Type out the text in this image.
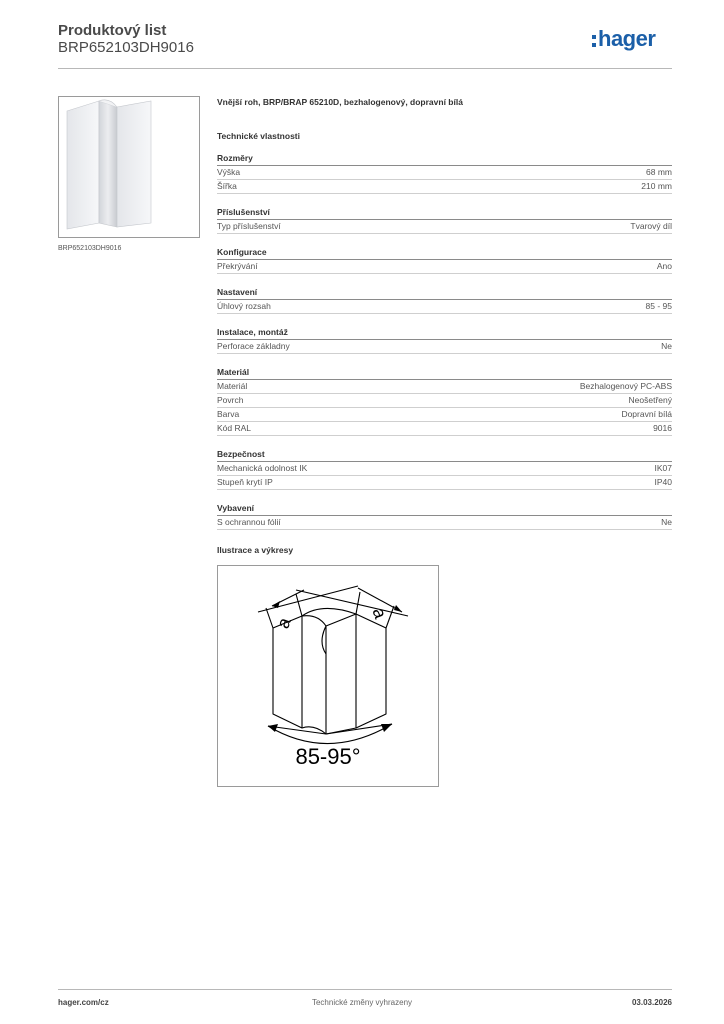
Produktový list
BRP652103DH9016	hager
BRP652103DH9016
Vnější roh, BRP/BRAP 65210D, bezhalogenový, dopravní bílá
Technické vlastnosti
Rozměry
Výška	68 mm
Šířka	210 mm
Příslušenství
Typ příslušenství	Tvarový díl
Konfigurace
Překrývání	Ano
Nastavení
Úhlový rozsah	85 - 95
Instalace, montáž
Perforace základny	Ne
Materiál
Materiál	Bezhalogenový PC-ABS
Povrch	Neošetřený
Barva	Dopravní bílá
Kód RAL	9016
Bezpečnost
Mechanická odolnost IK	IK07
Stupeň krytí IP	IP40
Vybavení
S ochrannou fólií	Ne
Ilustrace a výkresy
a
a
85-95°
hager.com/cz	Technické změny vyhrazeny	03.03.2026
